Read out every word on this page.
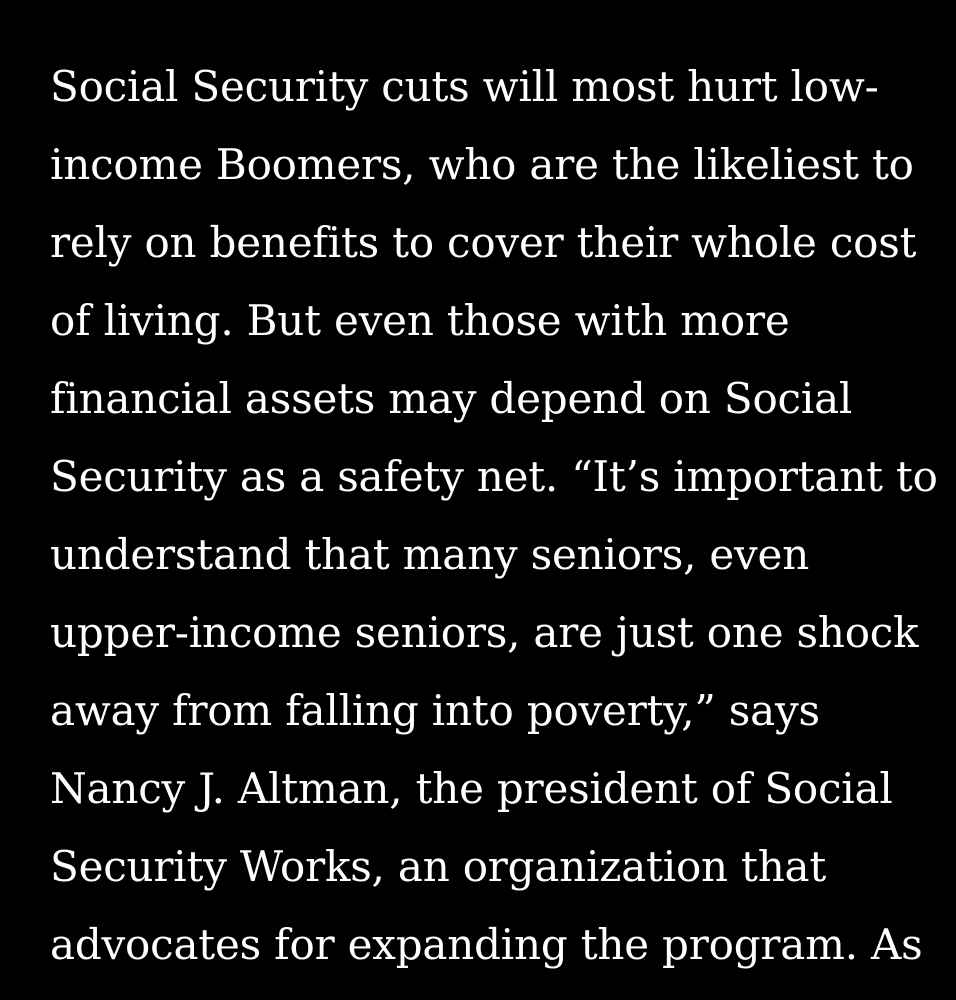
Social Security cuts will most hurt low-
income Boomers, who are the likeliest to
rely on benefits to cover their whole cost
of living. But even those with more
financial assets may depend on Social
Security as a safety net. “It’s important to
understand that many seniors, even
upper-income seniors, are just one shock
away from falling into poverty,” says
Nancy J. Altman, the president of Social
Security Works, an organization that
advocates for expanding the program. As
